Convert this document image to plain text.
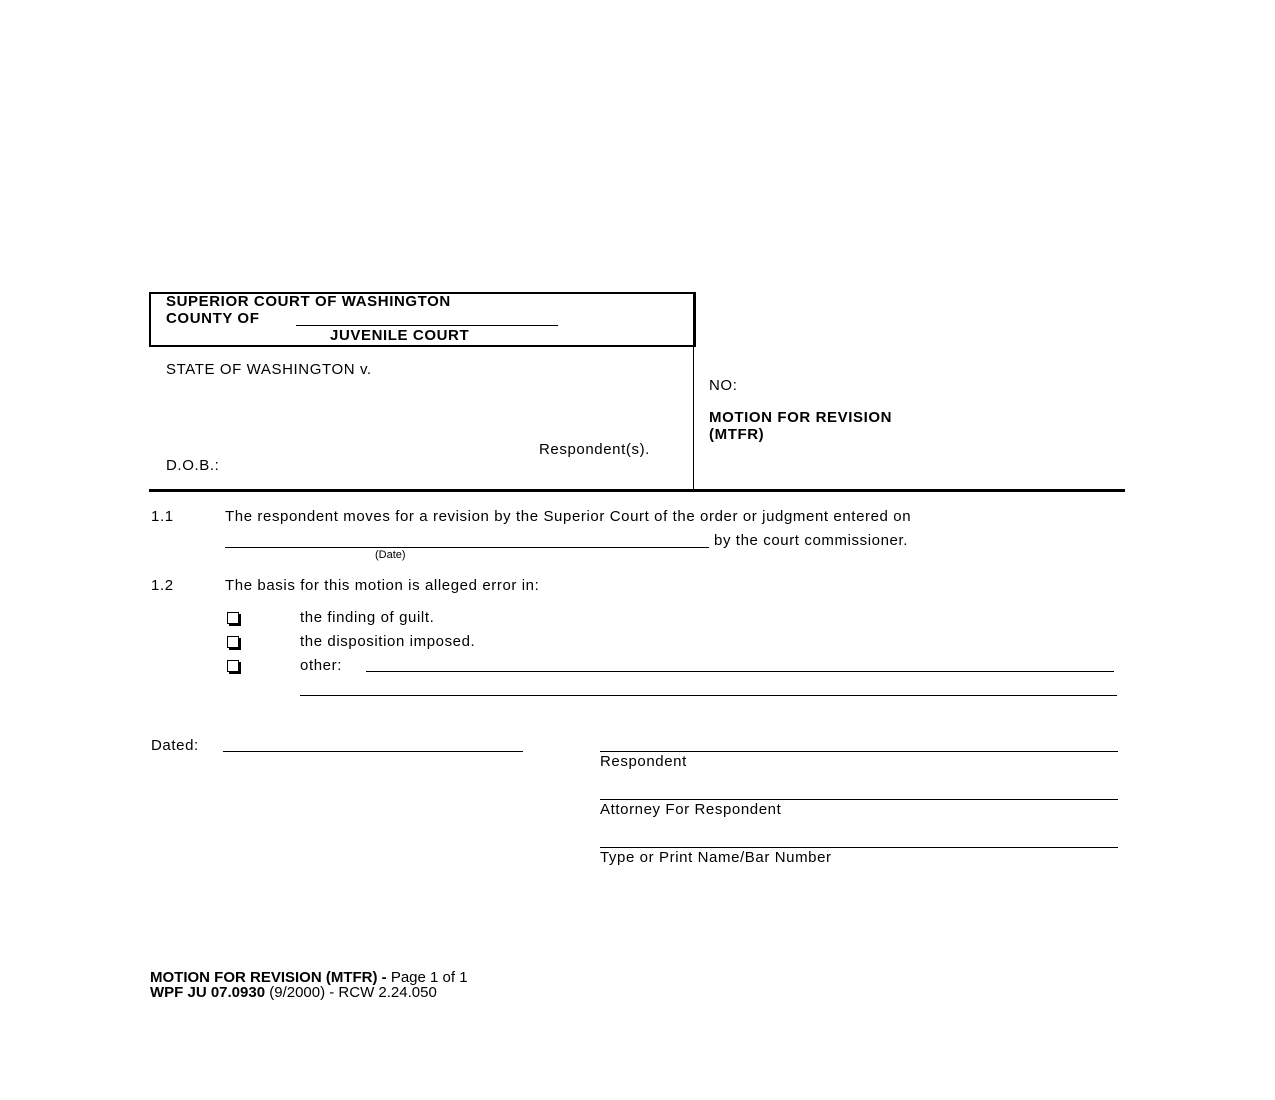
SUPERIOR COURT OF WASHINGTON
COUNTY OF
JUVENILE COURT
STATE OF WASHINGTON v.
Respondent(s).
D.O.B.:
NO:
MOTION FOR REVISION
(MTFR)
1.1	The respondent moves for a revision by the Superior Court of the order or judgment entered on
by the court commissioner.
(Date)
1.2	The basis for this motion is alleged error in:
the finding of guilt.
the disposition imposed.
other:
Dated:
Respondent
Attorney For Respondent
Type or Print Name/Bar Number
MOTION FOR REVISION (MTFR) - Page 1 of 1
WPF JU 07.0930 (9/2000) - RCW 2.24.050
